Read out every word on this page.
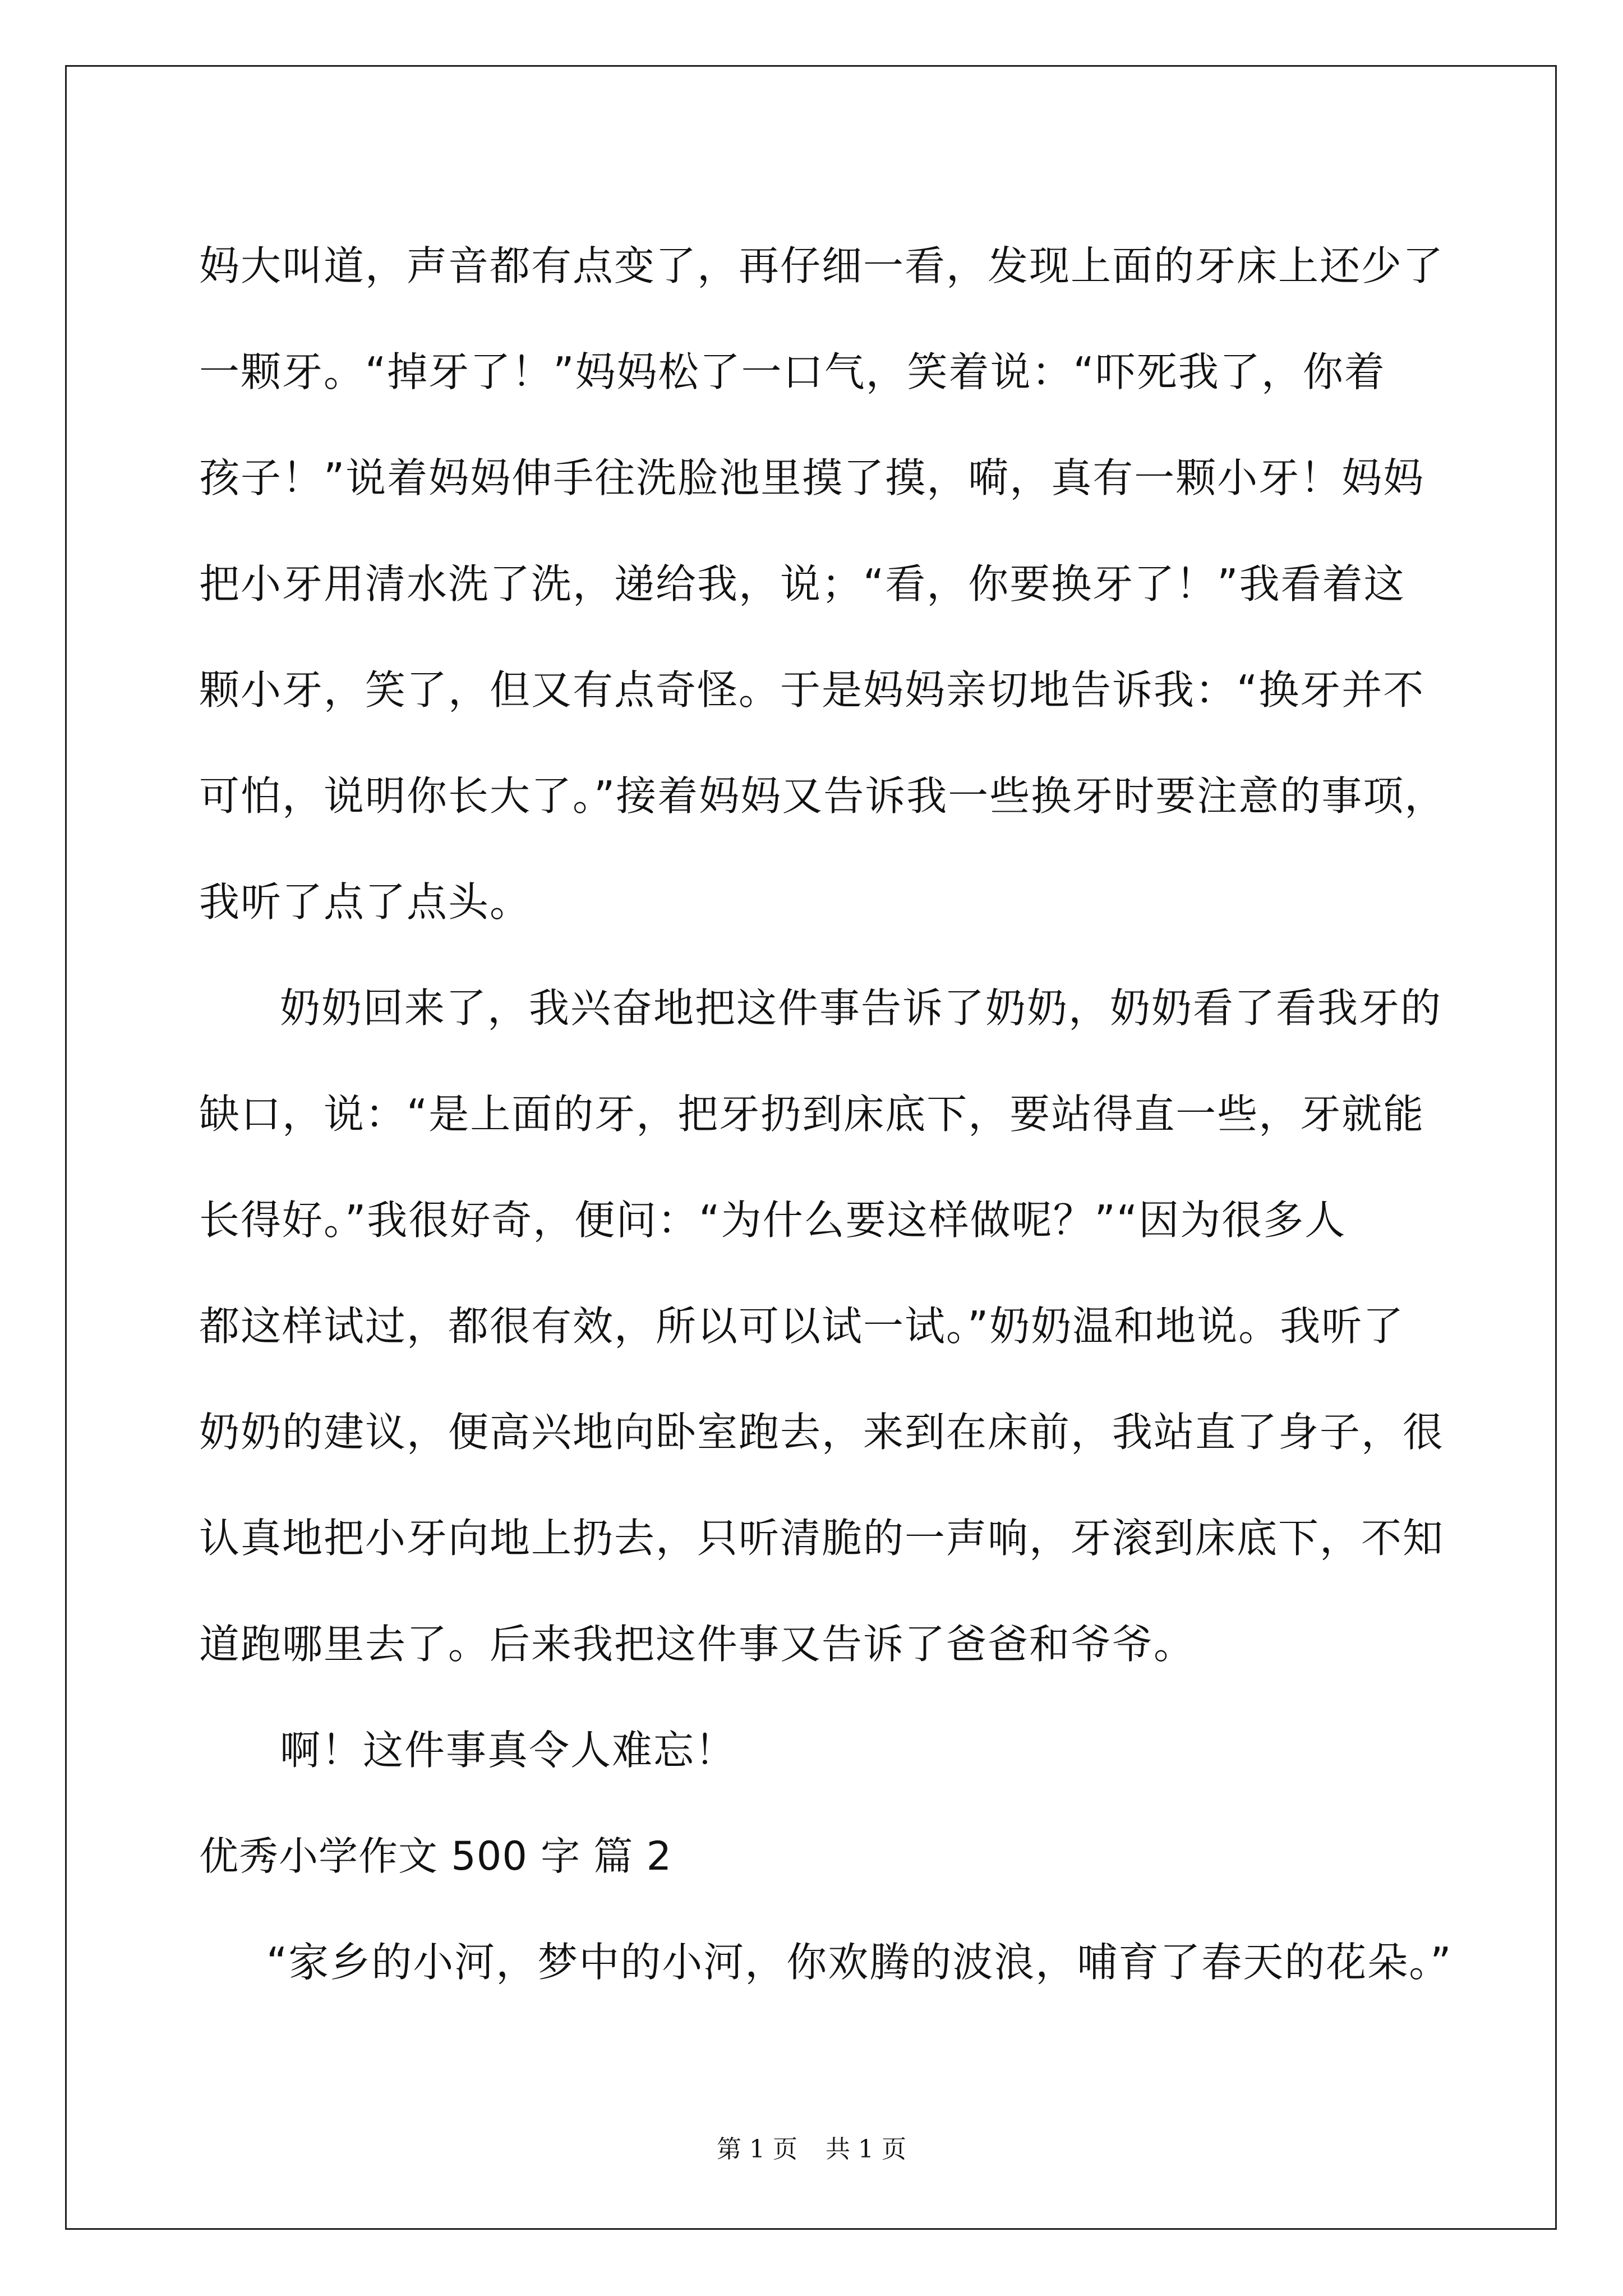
妈大叫道，声音都有点变了，再仔细一看，发现上面的牙床上还少了
一颗牙。“掉牙了！”妈妈松了一口气，笑着说：“吓死我了，你着
孩子！”说着妈妈伸手往洗脸池里摸了摸，嗬，真有一颗小牙！妈妈
把小牙用清水洗了洗，递给我，说；“看，你要换牙了！”我看着这
颗小牙，笑了，但又有点奇怪。于是妈妈亲切地告诉我：“换牙并不
可怕，说明你长大了。”接着妈妈又告诉我一些换牙时要注意的事项，
我听了点了点头。
奶奶回来了，我兴奋地把这件事告诉了奶奶，奶奶看了看我牙的
缺口，说：“是上面的牙，把牙扔到床底下，要站得直一些，牙就能
长得好。”我很好奇，便问：“为什么要这样做呢？”“因为很多人
都这样试过，都很有效，所以可以试一试。”奶奶温和地说。我听了
奶奶的建议，便高兴地向卧室跑去，来到在床前，我站直了身子，很
认真地把小牙向地上扔去，只听清脆的一声响，牙滚到床底下，不知
道跑哪里去了。后来我把这件事又告诉了爸爸和爷爷。
啊！这件事真令人难忘！
优秀小学作文 500 字 篇 2
“家乡的小河，梦中的小河，你欢腾的波浪，哺育了春天的花朵。”
第 1 页 共 1 页
